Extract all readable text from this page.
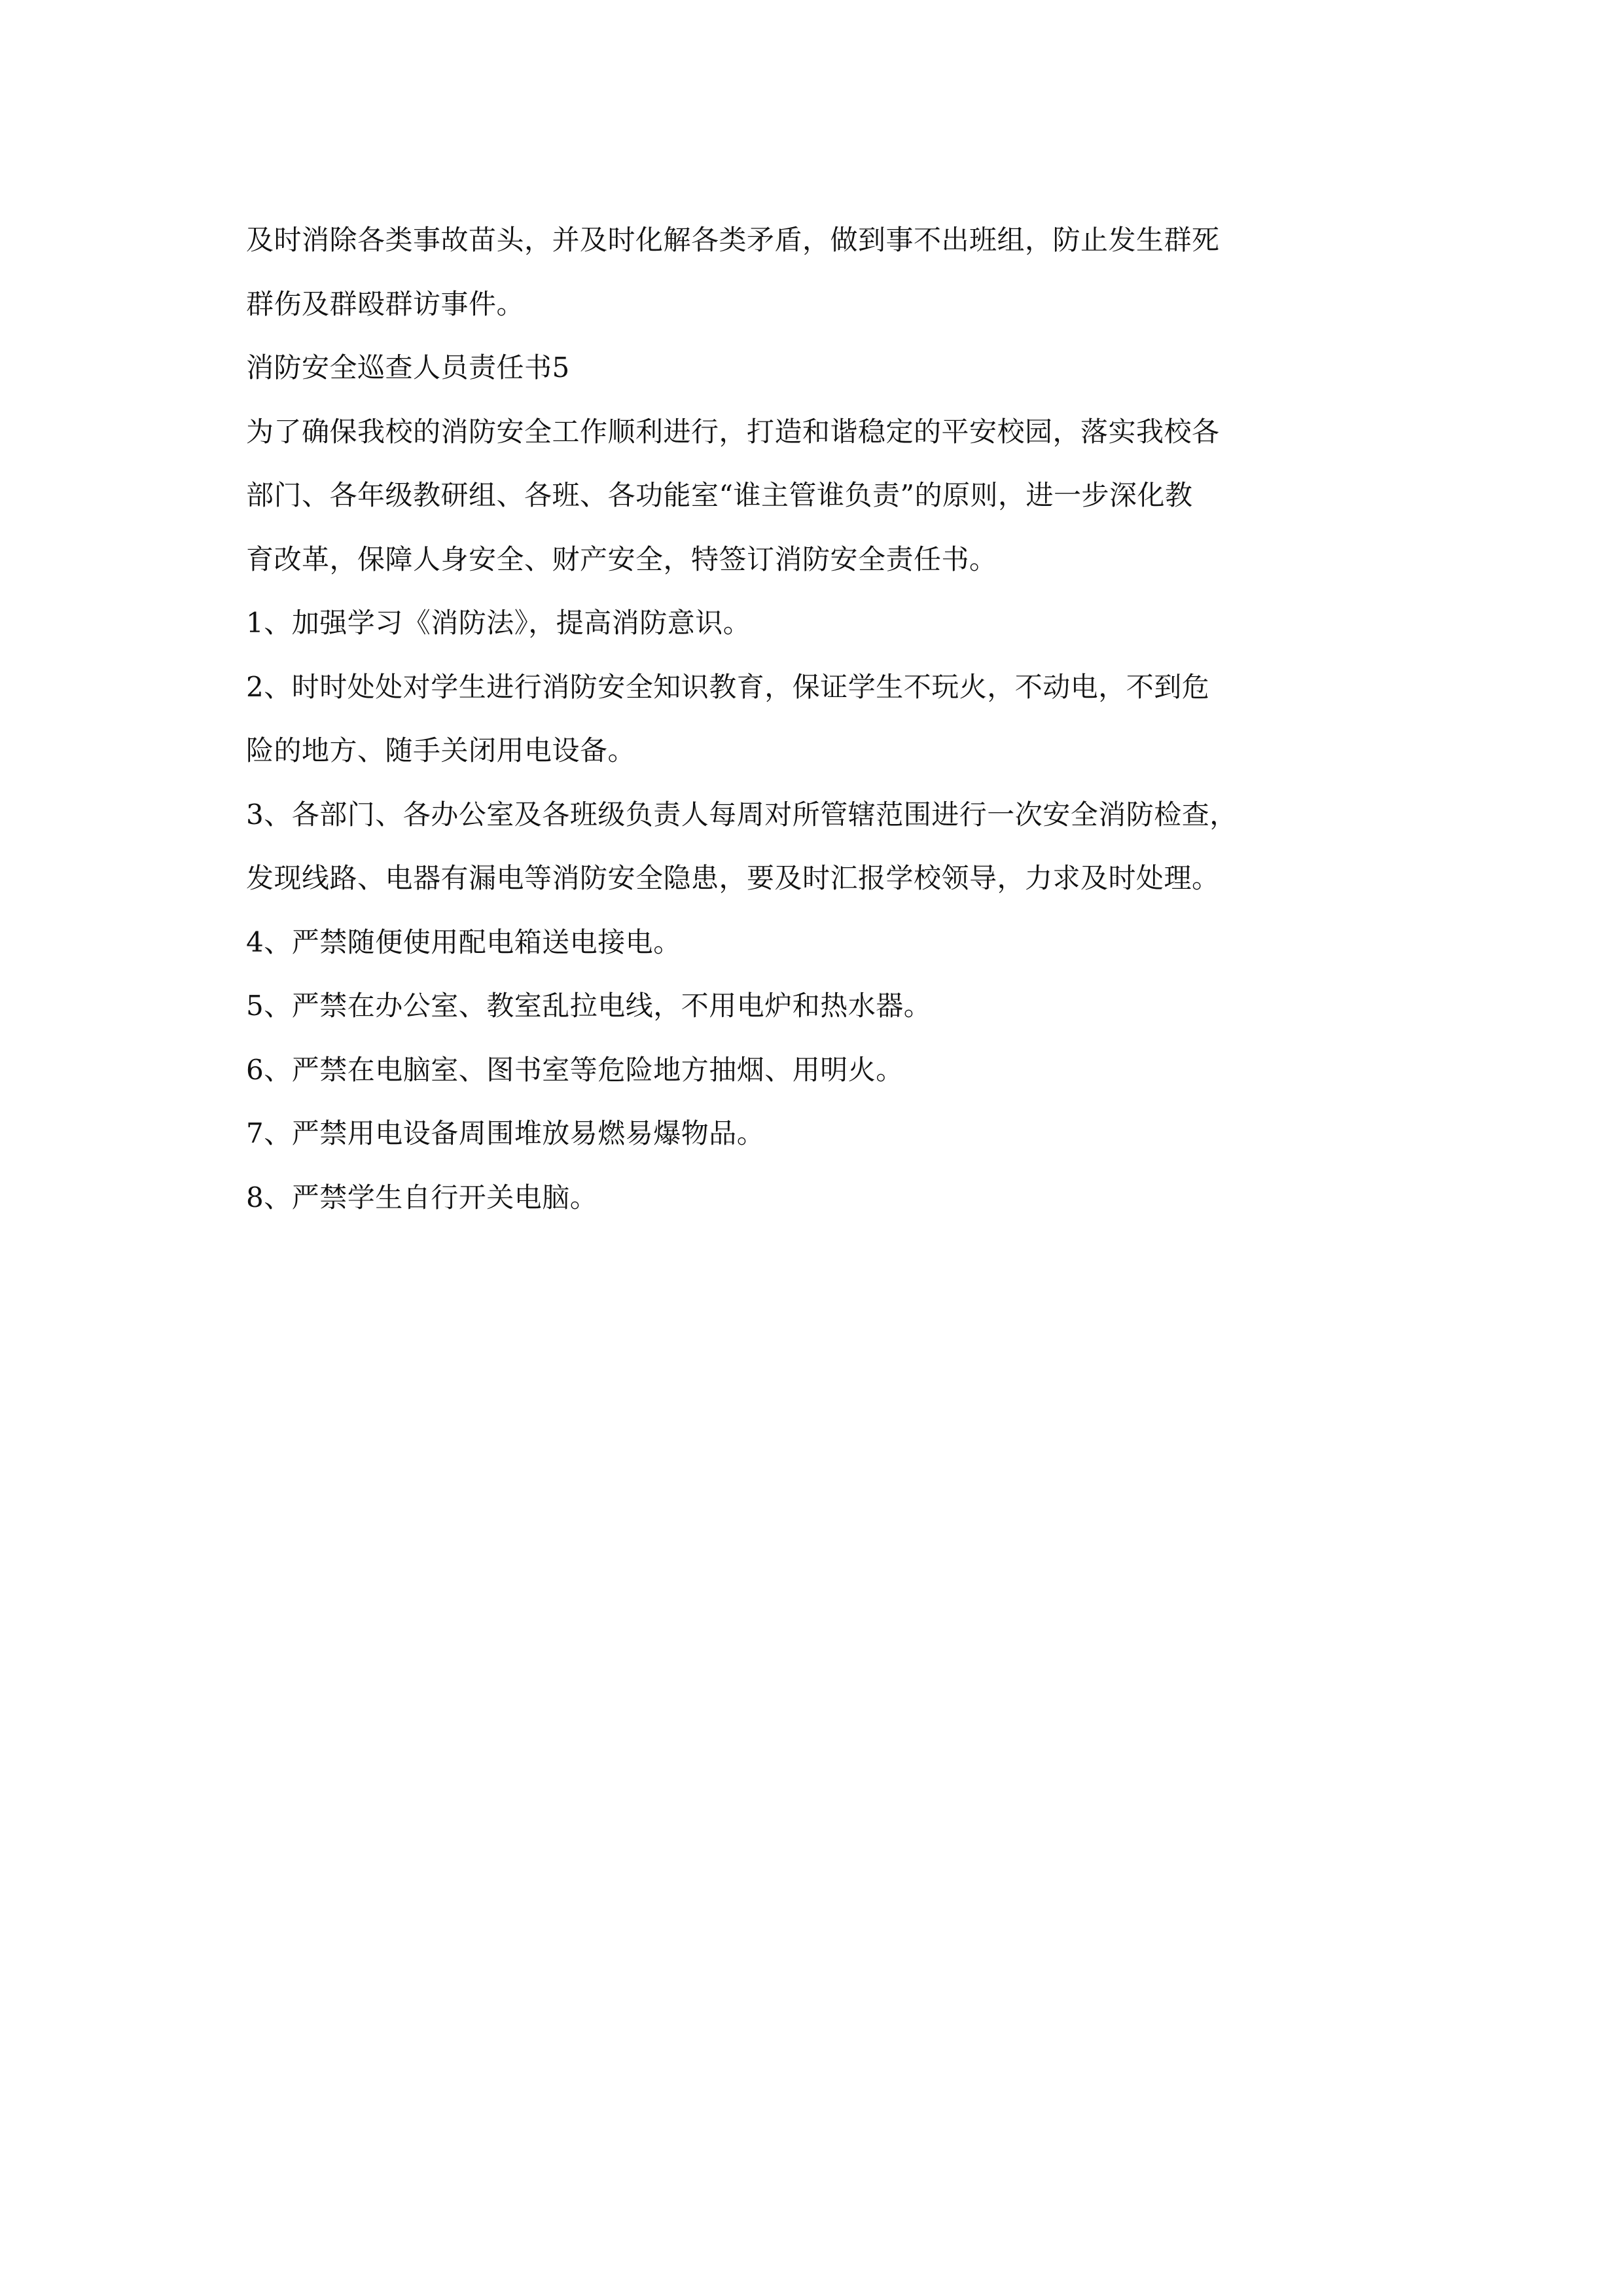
及时消除各类事故苗头，并及时化解各类矛盾，做到事不出班组，防止发生群死
群伤及群殴群访事件。
消防安全巡查人员责任书5
为了确保我校的消防安全工作顺利进行，打造和谐稳定的平安校园，落实我校各
部门、各年级教研组、各班、各功能室“谁主管谁负责”的原则，进一步深化教
育改革，保障人身安全、财产安全，特签订消防安全责任书。
1、加强学习《消防法》，提高消防意识。
2、时时处处对学生进行消防安全知识教育，保证学生不玩火，不动电，不到危
险的地方、随手关闭用电设备。
3、各部门、各办公室及各班级负责人每周对所管辖范围进行一次安全消防检查，
发现线路、电器有漏电等消防安全隐患，要及时汇报学校领导，力求及时处理。
4、严禁随便使用配电箱送电接电。
5、严禁在办公室、教室乱拉电线，不用电炉和热水器。
6、严禁在电脑室、图书室等危险地方抽烟、用明火。
7、严禁用电设备周围堆放易燃易爆物品。
8、严禁学生自行开关电脑。
